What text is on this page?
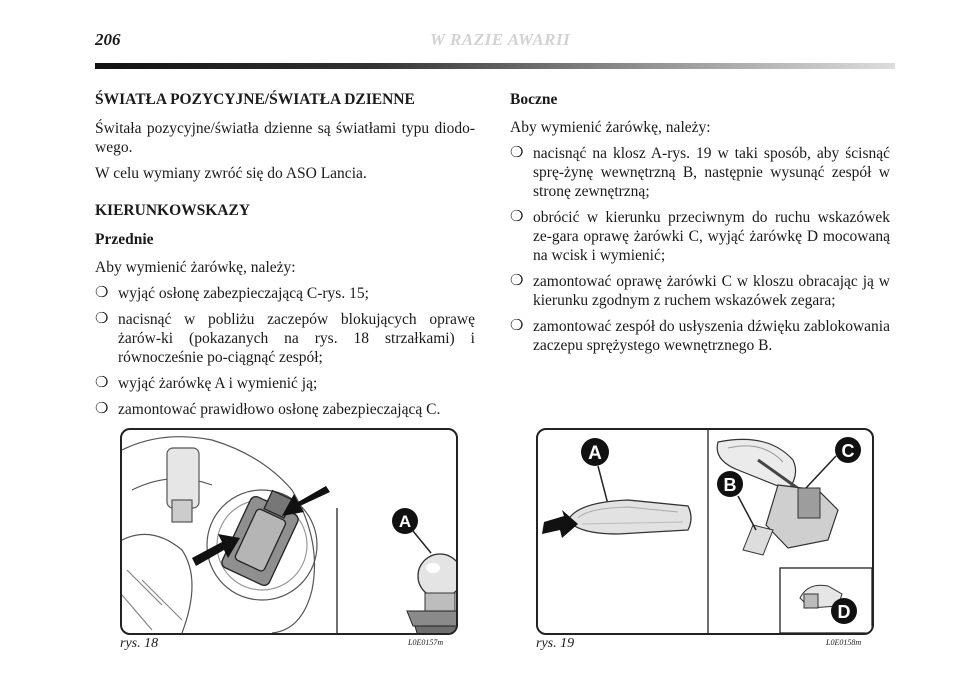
206	W RAZIE AWARII
ŚWIATŁA POZYCYJNE/ŚWIATŁA DZIENNE

Świtała pozycyjne/światła dzienne są światłami typu diodo-wego.

W celu wymiany zwróć się do ASO Lancia.

KIERUNKOWSKAZY
Przednie

Aby wymienić żarówkę, należy:

❍ wyjąć osłonę zabezpieczającą C-rys. 15;
❍ nacisnąć w pobliżu zaczepów blokujących oprawę żarów-ki (pokazanych na rys. 18 strzałkami) i równocześnie po-ciągnąć zespół;
❍ wyjąć żarówkę A i wymienić ją;
❍ zamontować prawidłowo osłonę zabezpieczającą C.
Boczne

Aby wymienić żarówkę, należy:

❍ nacisnąć na klosz A-rys. 19 w taki sposób, aby ścisnąć sprę-żynę wewnętrzną B, następnie wysunąć zespół w stronę zewnętrzną;
❍ obrócić w kierunku przeciwnym do ruchu wskazówek ze-gara oprawę żarówki C, wyjąć żarówkę D mocowaną na wcisk i wymienić;
❍ zamontować oprawę żarówki C w kloszu obracając ją w kierunku zgodnym z ruchem wskazówek zegara;
❍ zamontować zespół do usłyszenia dźwięku zablokowania zaczepu sprężystego wewnętrznego B.
A
rys. 18	L0E0157m
A	C
B
D
rys. 19	L0E0158m
